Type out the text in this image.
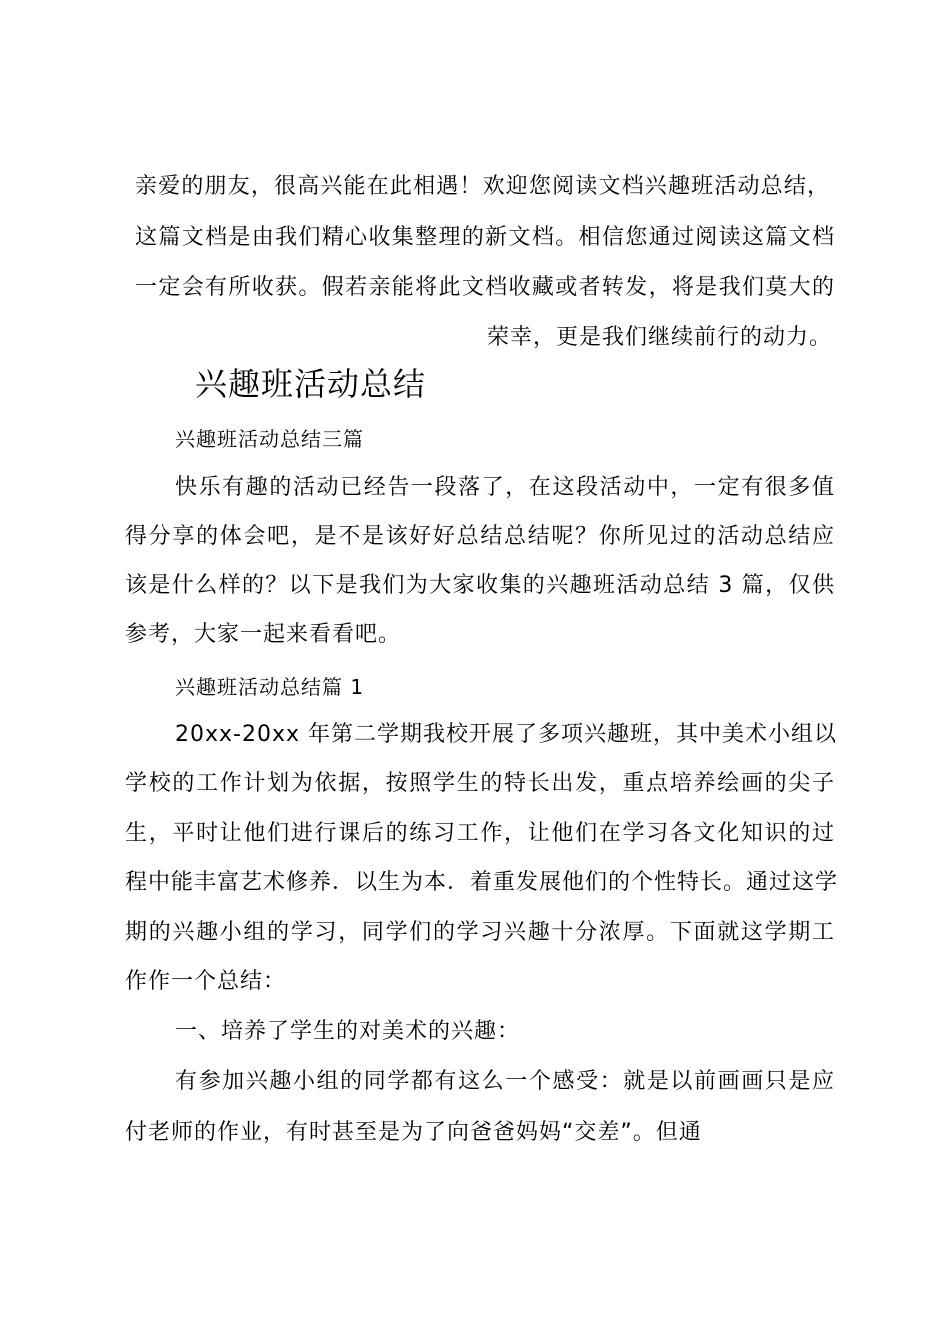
亲爱的朋友，很高兴能在此相遇！欢迎您阅读文档兴趣班活动总结，
这篇文档是由我们精心收集整理的新文档。相信您通过阅读这篇文档
一定会有所收获。假若亲能将此文档收藏或者转发，将是我们莫大的
荣幸，更是我们继续前行的动力。
兴趣班活动总结
兴趣班活动总结三篇
快乐有趣的活动已经告一段落了，在这段活动中，一定有很多值
得分享的体会吧，是不是该好好总结总结呢？你所见过的活动总结应
该是什么样的？以下是我们为大家收集的兴趣班活动总结 3 篇，仅供
参考，大家一起来看看吧。
兴趣班活动总结篇 1
20xx-20xx 年第二学期我校开展了多项兴趣班，其中美术小组以
学校的工作计划为依据，按照学生的特长出发，重点培养绘画的尖子
生，平时让他们进行课后的练习工作，让他们在学习各文化知识的过
程中能丰富艺术修养．以生为本．着重发展他们的个性特长。通过这学
期的兴趣小组的学习，同学们的学习兴趣十分浓厚。下面就这学期工
作作一个总结：
一、培养了学生的对美术的兴趣：
有参加兴趣小组的同学都有这么一个感受：就是以前画画只是应
付老师的作业，有时甚至是为了向爸爸妈妈“交差”。但通
